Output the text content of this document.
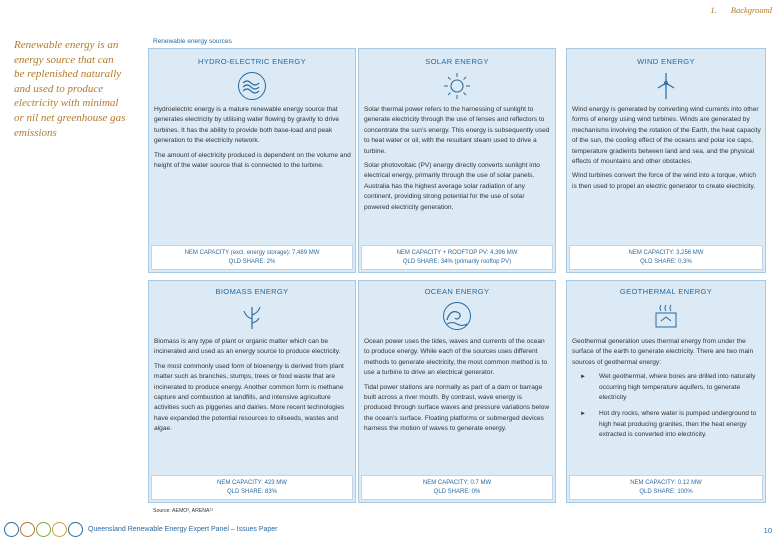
1. Background
Renewable energy is an energy source that can be replenished naturally and used to produce electricity with minimal or nil net greenhouse gas emissions
Renewable energy sources
HYDRO-ELECTRIC ENERGY

Hydroelectric energy is a mature renewable energy source that generates electricity by utilising water flowing by gravity to drive turbines. It has the ability to provide both base-load and peak generation to the electricity network.

The amount of electricity produced is dependent on the volume and height of the water source that is connected to the turbine.

NEM CAPACITY (excl. energy storage): 7,489 MW
QLD SHARE: 2%
SOLAR ENERGY

Solar thermal power refers to the harnessing of sunlight to generate electricity through the use of lenses and reflectors to concentrate the sun’s energy. This energy is subsequently used to heat water or oil, with the resultant steam used to drive a turbine.

Solar photovoltaic (PV) energy directly converts sunlight into electrical energy, primarily through the use of solar panels. Australia has the highest average solar radiation of any continent, providing strong potential for the use of solar powered electricity generation.

NEM CAPACITY + ROOFTOP PV: 4,396 MW
QLD SHARE: 34% (primarily rooftop PV)
WIND ENERGY

Wind energy is generated by converting wind currents into other forms of energy using wind turbines. Winds are generated by mechanisms involving the rotation of the Earth, the heat capacity of the sun, the cooling effect of the oceans and polar ice caps, temperature gradients between land and sea, and the physical effects of mountains and other obstacles.

Wind turbines convert the force of the wind into a torque, which is then used to propel an electric generator to create electricity.

NEM CAPACITY: 3,256 MW
QLD SHARE: 0.3%
BIOMASS ENERGY

Biomass is any type of plant or organic matter which can be incinerated and used as an energy source to produce electricity.

The most commonly used form of bioenergy is derived from plant matter such as branches, stumps, trees or food waste that are incinerated to produce energy. Another common form is methane capture and combustion at landfills, and intensive agriculture activities such as piggeries and dairies. More recent technologies have expanded the potential resources to oilseeds, wastes and algae.

NEM CAPACITY: 423 MW
QLD SHARE: 83%
OCEAN ENERGY

Ocean power uses the tides, waves and currents of the ocean to produce energy. While each of the sources uses different methods to generate electricity, the most common method is to use a turbine to drive an electrical generator.

Tidal power stations are normally as part of a dam or barrage built across a river mouth. By contrast, wave energy is produced through surface waves and pressure variations below the ocean’s surface. Floating platforms or submerged devices harness the motion of waves to generate energy.

NEM CAPACITY: 0.7 MW
QLD SHARE: 0%
GEOTHERMAL ENERGY

Geothermal generation uses thermal energy from under the surface of the earth to generate electricity. There are two main sources of geothermal energy:

► Wet geothermal, where bores are drilled into naturally occurring high temperature aquifers, to generate electricity
► Hot dry rocks, where water is pumped underground to high heat producing granites, then the heat energy extracted is converted into electricity.
NEM CAPACITY: 0.12 MW
QLD SHARE: 100%
Source: AEMO³, ARENA¹¹
Queensland Renewable Energy Expert Panel – Issues Paper	10
